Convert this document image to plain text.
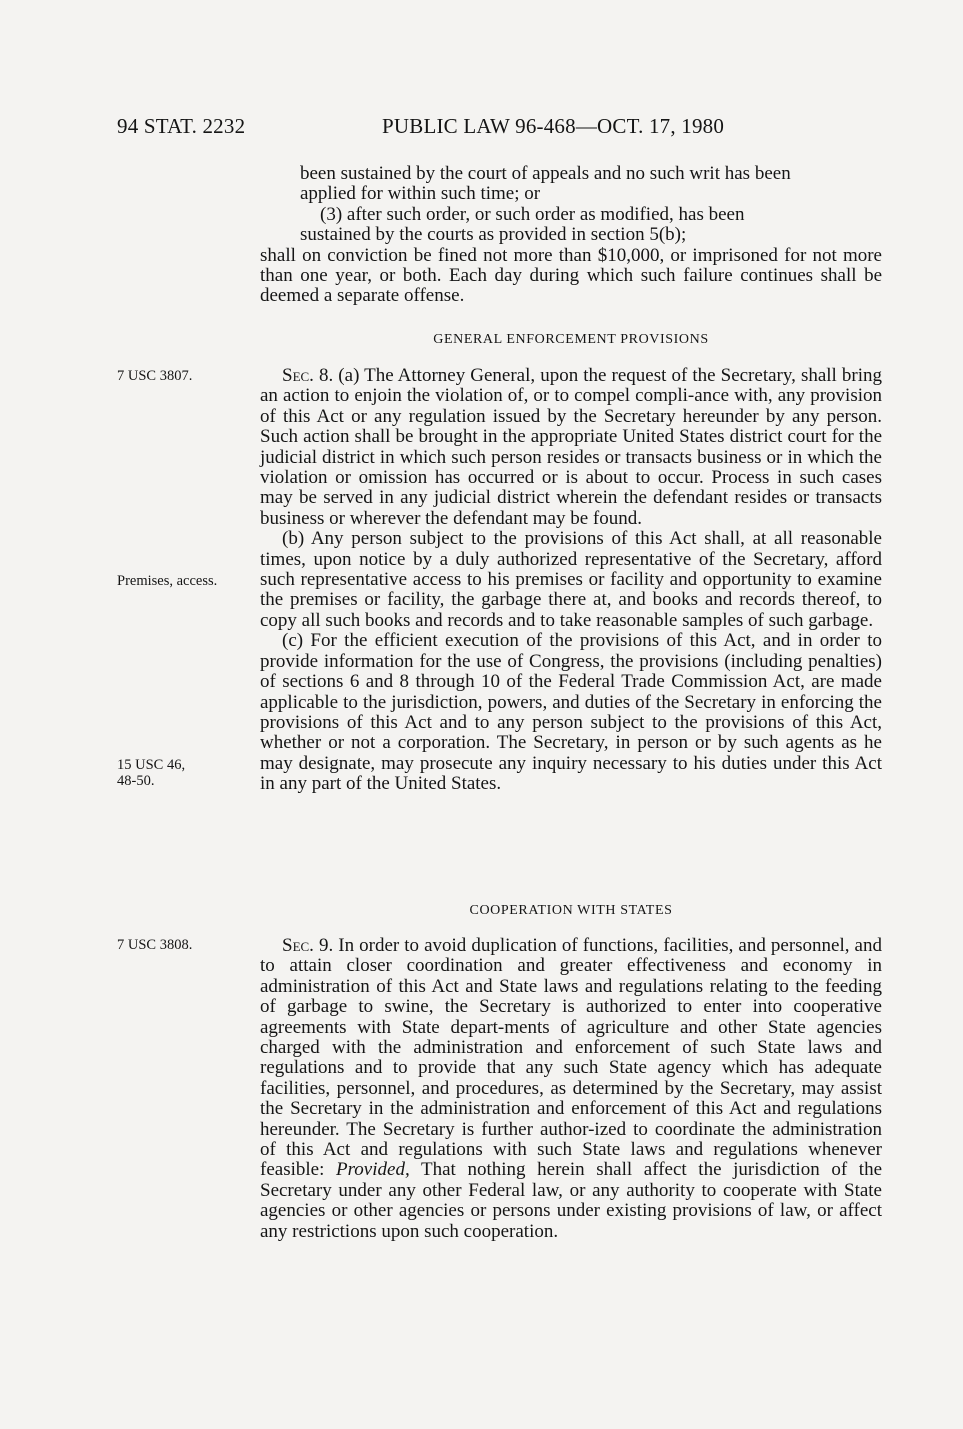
94 STAT. 2232	PUBLIC LAW 96-468—OCT. 17, 1980
been sustained by the court of appeals and no such writ has been
applied for within such time; or
(3) after such order, or such order as modified, has been
sustained by the courts as provided in section 5(b);

shall on conviction be fined not more than $10,000, or imprisoned for not more than one year, or both. Each day during which such failure continues shall be deemed a separate offense.

GENERAL ENFORCEMENT PROVISIONS
7 USC 3807.	Sec. 8. (a) The Attorney General, upon the request of the Secretary, shall bring an action to enjoin the violation of, or to compel compli-ance with, any provision of this Act or any regulation issued by the Secretary hereunder by any person. Such action shall be brought in the appropriate United States district court for the judicial district in which such person resides or transacts business or in which the violation or omission has occurred or is about to occur. Process in such cases may be served in any judicial district wherein the defendant resides or transacts business or wherever the defendant may be found.

(b) Any person subject to the provisions of this Act shall, at all reasonable times, upon notice by a duly authorized representative of the Secretary, afford such representative access to his premises or facility and opportunity to examine the premises or facility, the garbage there at, and books and records thereof, to copy all such books and records and to take reasonable samples of such garbage.

(c) For the efficient execution of the provisions of this Act, and in order to provide information for the use of Congress, the provisions (including penalties) of sections 6 and 8 through 10 of the Federal Trade Commission Act, are made applicable to the jurisdiction, powers, and duties of the Secretary in enforcing the provisions of this Act and to any person subject to the provisions of this Act, whether or not a corporation. The Secretary, in person or by such agents as he may designate, may prosecute any inquiry necessary to his duties under this Act in any part of the United States.

Premises, access.
15 USC 46,
48-50.
COOPERATION WITH STATES
7 USC 3808.	Sec. 9. In order to avoid duplication of functions, facilities, and personnel, and to attain closer coordination and greater effectiveness and economy in administration of this Act and State laws and regulations relating to the feeding of garbage to swine, the Secretary is authorized to enter into cooperative agreements with State depart-ments of agriculture and other State agencies charged with the administration and enforcement of such State laws and regulations and to provide that any such State agency which has adequate facilities, personnel, and procedures, as determined by the Secretary, may assist the Secretary in the administration and enforcement of this Act and regulations hereunder. The Secretary is further author-ized to coordinate the administration of this Act and regulations with such State laws and regulations whenever feasible: Provided, That nothing herein shall affect the jurisdiction of the Secretary under any other Federal law, or any authority to cooperate with State agencies or other agencies or persons under existing provisions of law, or affect any restrictions upon such cooperation.
